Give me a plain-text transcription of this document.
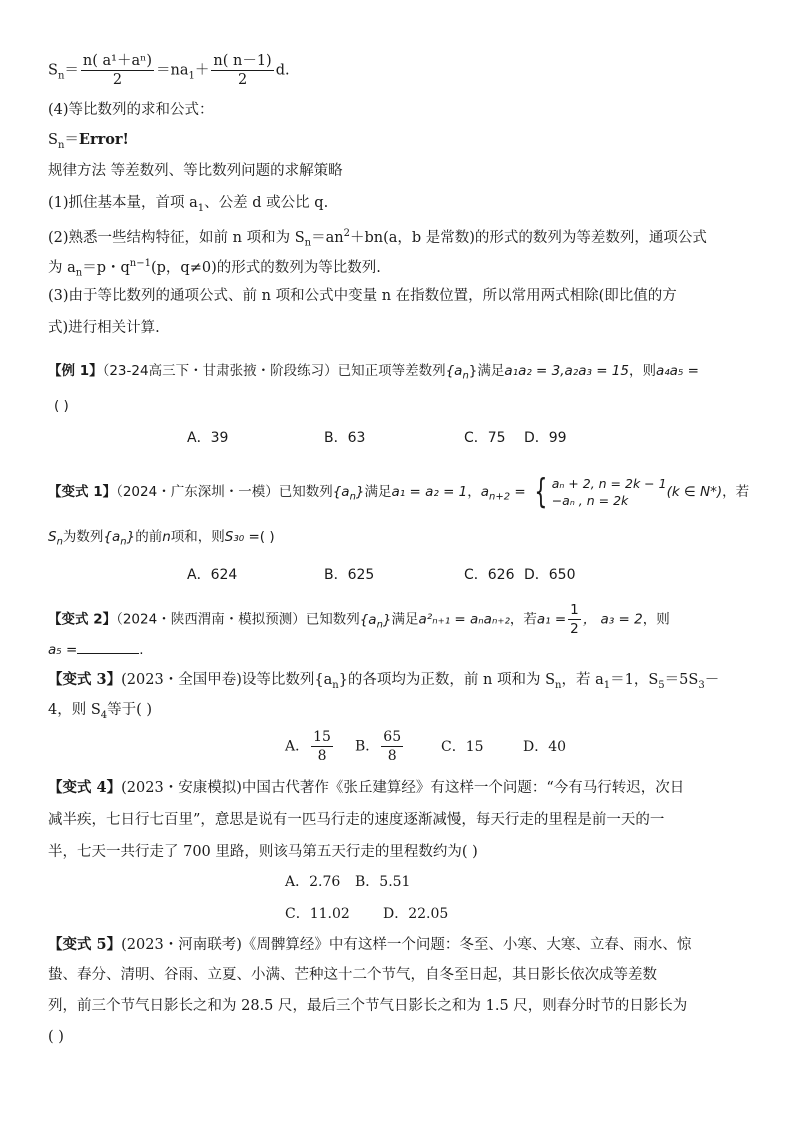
$S_n= \frac{\text{n( a¹＋aⁿ)}}{2} =na_1+ \frac{n( n-1)}{2} d$.
(4)等比数列的求和公式：
$S_n=Error$!
规律方法 等差数列、等比数列问题的求解策略
(1)抓住基本量，首项 $a_1$、公差 d 或公比 q.
(2)熟悉一些结构特征，如前 n 项和为 $S_n=an^2+bn(a$，b 是常数)的形式的数列为等差数列，通项公式
为 $a_n=p$・$q^{n-1}(p$，q≠0)的形式的数列为等比数列.
(3)由于等比数列的通项公式、前 n 项和公式中变量 n 在指数位置，所以常用两式相除(即比值的方
式)进行相关计算.
【例 1】（23-24高三下・甘肃张掖・阶段练习）已知正项等差数列$\{a_n\}$满足a₁a₂ = 3,a₂a₃ = 15，则a₄a₅ =
( )
A．39	B．63	C．75 D．99
【变式 1】（2024・广东深圳・一模）已知数列$\{a_n\}$满足a₁ = a₂ = 1，$a_{n+2}$ = { aₙ + 2, n = 2k − 1
−aₙ , n = 2k
(k ∈ N*)，若
$S_n$为数列$\{a_n\}$的前n项和，则S₃₀ =( )
A．624	B．625	C．626 D．650
【变式 2】（2024・陕西渭南・模拟预测）已知数列$\{a_n\}$满足a²ₙ₊₁ = aₙaₙ₊₂，若$a_1 = \frac{1}{2}$ ， a₃ = 2，则
a₅ =	.
【变式 3】(2023・全国甲卷)设等比数列$\{a_n\}$的各项均为正数，前 n 项和为 $S_n$，若 $a_1=1$，$S_5=5S_3-$
4，则 $S_4$等于( )
A． $\frac{15}{8}$ B． $\frac{65}{8}$	C．15	D．40
【变式 4】(2023・安康模拟)中国古代著作《张丘建算经》有这样一个问题：“今有马行转迟，次日
减半疾，七日行七百里”，意思是说有一匹马行走的速度逐渐减慢，每天行走的里程是前一天的一
半，七天一共行走了 700 里路，则该马第五天行走的里程数约为( )
A．2.76 B．5.51
C．11.02 D．22.05
【变式 5】(2023・河南联考)《周髀算经》中有这样一个问题：冬至、小寒、大寒、立春、雨水、惊
蛰、春分、清明、谷雨、立夏、小满、芒种这十二个节气，自冬至日起，其日影长依次成等差数
列，前三个节气日影长之和为 28.5 尺，最后三个节气日影长之和为 1.5 尺，则春分时节的日影长为
( )
